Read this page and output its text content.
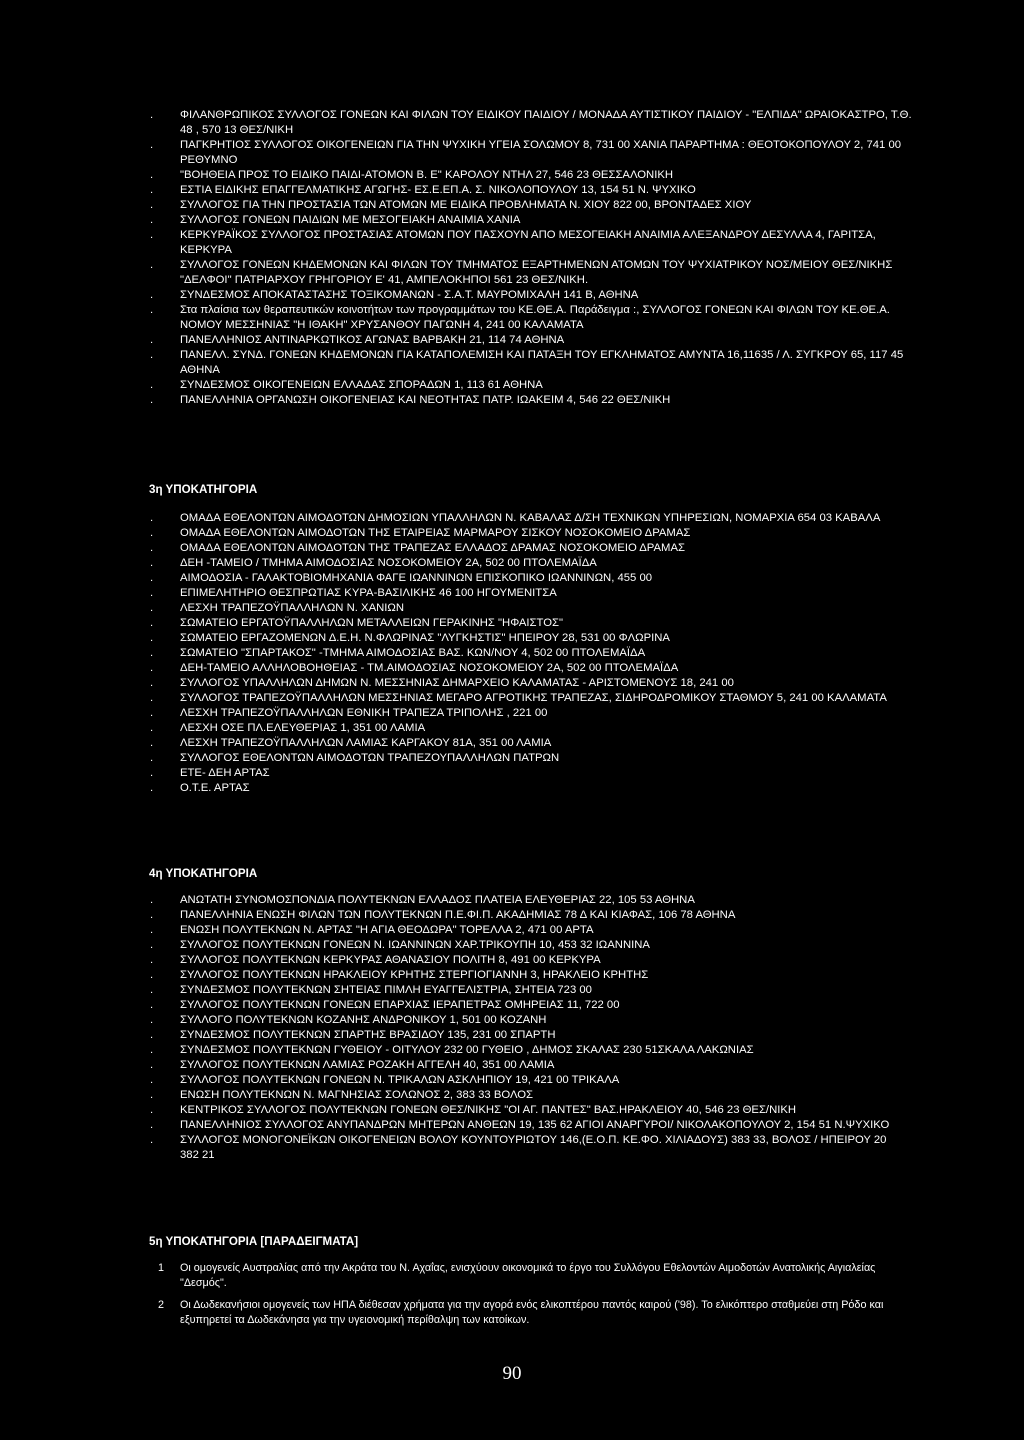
.	ΦΙΛΑΝΘΡΩΠΙΚΟΣ ΣΥΛΛΟΓΟΣ ΓΟΝΕΩΝ ΚΑΙ ΦΙΛΩΝ ΤΟΥ ΕΙΔΙΚΟΥ ΠΑΙΔΙΟΥ / ΜΟΝΑΔΑ ΑΥΤΙΣΤΙΚΟΥ ΠΑΙΔΙΟΥ - "ΕΛΠΙΔΑ" ΩΡΑΙΟΚΑΣΤΡΟ, Τ.Θ. 48 , 570 13 ΘΕΣ/ΝΙΚΗ
.	ΠΑΓΚΡΗΤΙΟΣ ΣΥΛΛΟΓΟΣ ΟΙΚΟΓΕΝΕΙΩΝ ΓΙΑ ΤΗΝ ΨΥΧΙΚΗ ΥΓΕΙΑ ΣΟΛΩΜΟΥ 8, 731 00 ΧΑΝΙΑ ΠΑΡΑΡΤΗΜΑ : ΘΕΟΤΟΚΟΠΟΥΛΟΥ 2, 741 00 ΡΕΘΥΜΝΟ
.	"ΒΟΗΘΕΙΑ ΠΡΟΣ ΤΟ ΕΙΔΙΚΟ ΠΑΙΔΙ-ΑΤΟΜΟΝ Β. Ε" ΚΑΡΟΛΟΥ ΝΤΗΛ 27, 546 23 ΘΕΣΣΑΛΟΝΙΚΗ
.	ΕΣΤΙΑ ΕΙΔΙΚΗΣ ΕΠΑΓΓΕΛΜΑΤΙΚΗΣ ΑΓΩΓΗΣ- ΕΣ.Ε.ΕΠ.Α. Σ. ΝΙΚΟΛΟΠΟΥΛΟΥ 13, 154 51 Ν. ΨΥΧΙΚΟ
.	ΣΥΛΛΟΓΟΣ ΓΙΑ ΤΗΝ ΠΡΟΣΤΑΣΙΑ ΤΩΝ ΑΤΟΜΩΝ ΜΕ ΕΙΔΙΚΑ ΠΡΟΒΛΗΜΑΤΑ Ν. ΧΙΟΥ 822 00, ΒΡΟΝΤΑΔΕΣ ΧΙΟΥ
.	ΣΥΛΛΟΓΟΣ ΓΟΝΕΩΝ ΠΑΙΔΙΩΝ ΜΕ ΜΕΣΟΓΕΙΑΚΗ ΑΝΑΙΜΙΑ ΧΑΝΙΑ
.	ΚΕΡΚΥΡΑΪΚΟΣ ΣΥΛΛΟΓΟΣ ΠΡΟΣΤΑΣΙΑΣ ΑΤΟΜΩΝ ΠΟΥ ΠΑΣΧΟΥΝ ΑΠΟ ΜΕΣΟΓΕΙΑΚΗ ΑΝΑΙΜΙΑ ΑΛΕΞΑΝΔΡΟΥ ΔΕΣΥΛΛΑ 4, ΓΑΡΙΤΣΑ, ΚΕΡΚΥΡΑ
.	ΣΥΛΛΟΓΟΣ ΓΟΝΕΩΝ ΚΗΔΕΜΟΝΩΝ ΚΑΙ ΦΙΛΩΝ ΤΟΥ ΤΜΗΜΑΤΟΣ ΕΞΑΡΤΗΜΕΝΩΝ ΑΤΟΜΩΝ ΤΟΥ ΨΥΧΙΑΤΡΙΚΟΥ ΝΟΣ/ΜΕΙΟΥ ΘΕΣ/ΝΙΚΗΣ "ΔΕΛΦΟΙ" ΠΑΤΡΙΑΡΧΟΥ ΓΡΗΓΟΡΙΟΥ Ε' 41, ΑΜΠΕΛΟΚΗΠΟΙ 561 23 ΘΕΣ/ΝΙΚΗ.
.	ΣΥΝΔΕΣΜΟΣ ΑΠΟΚΑΤΑΣΤΑΣΗΣ ΤΟΞΙΚΟΜΑΝΩΝ - Σ.Α.Τ. ΜΑΥΡΟΜΙΧΑΛΗ 141 Β, ΑΘΗΝΑ
.	Στα πλαίσια των θεραπευτικών κοινοτήτων των προγραμμάτων του ΚΕ.ΘΕ.Α. Παράδειγμα :, ΣΥΛΛΟΓΟΣ ΓΟΝΕΩΝ ΚΑΙ ΦΙΛΩΝ ΤΟΥ ΚΕ.ΘΕ.Α. ΝΟΜΟΥ ΜΕΣΣΗΝΙΑΣ "Η ΙΘΑΚΗ" ΧΡΥΣΑΝΘΟΥ ΠΑΓΩΝΗ 4, 241 00 ΚΑΛΑΜΑΤΑ
.	ΠΑΝΕΛΛΗΝΙΟΣ ΑΝΤΙΝΑΡΚΩΤΙΚΟΣ ΑΓΩΝΑΣ ΒΑΡΒΑΚΗ 21, 114 74 ΑΘΗΝΑ
.	ΠΑΝΕΛΛ. ΣΥΝΔ. ΓΟΝΕΩΝ ΚΗΔΕΜΟΝΩΝ ΓΙΑ ΚΑΤΑΠΟΛΕΜΙΣΗ ΚΑΙ ΠΑΤΑΞΗ ΤΟΥ ΕΓΚΛΗΜΑΤΟΣ ΑΜΥΝΤΑ 16,11635 / Λ. ΣΥΓΚΡΟΥ 65, 117 45 ΑΘΗΝΑ
.	ΣΥΝΔΕΣΜΟΣ ΟΙΚΟΓΕΝΕΙΩΝ ΕΛΛΑΔΑΣ ΣΠΟΡΑΔΩΝ 1, 113 61 ΑΘΗΝΑ
.	ΠΑΝΕΛΛΗΝΙΑ ΟΡΓΑΝΩΣΗ ΟΙΚΟΓΕΝΕΙΑΣ ΚΑΙ ΝΕΟΤΗΤΑΣ ΠΑΤΡ. ΙΩΑΚΕΙΜ 4, 546 22 ΘΕΣ/ΝΙΚΗ
3η ΥΠΟΚΑΤΗΓΟΡΙΑ
.	ΟΜΑΔΑ ΕΘΕΛΟΝΤΩΝ ΑΙΜΟΔΟΤΩΝ ΔΗΜΟΣΙΩΝ ΥΠΑΛΛΗΛΩΝ Ν. ΚΑΒΑΛΑΣ Δ/ΣΗ ΤΕΧΝΙΚΩΝ ΥΠΗΡΕΣΙΩΝ, ΝΟΜΑΡΧΙΑ 654 03 ΚΑΒΑΛΑ
.	ΟΜΑΔΑ ΕΘΕΛΟΝΤΩΝ ΑΙΜΟΔΟΤΩΝ ΤΗΣ ΕΤΑΙΡΕΙΑΣ ΜΑΡΜΑΡΟΥ ΣΙΣΚΟΥ ΝΟΣΟΚΟΜΕΙΟ ΔΡΑΜΑΣ
.	ΟΜΑΔΑ ΕΘΕΛΟΝΤΩΝ ΑΙΜΟΔΟΤΩΝ ΤΗΣ ΤΡΑΠΕΖΑΣ ΕΛΛΑΔΟΣ ΔΡΑΜΑΣ ΝΟΣΟΚΟΜΕΙΟ ΔΡΑΜΑΣ
.	ΔΕΗ -ΤΑΜΕΙΟ / ΤΜΗΜΑ ΑΙΜΟΔΟΣΙΑΣ ΝΟΣΟΚΟΜΕΙΟΥ 2Α, 502 00 ΠΤΟΛΕΜΑΪΔΑ
.	ΑΙΜΟΔΟΣΙΑ - ΓΑΛΑΚΤΟΒΙΟΜΗΧΑΝΙΑ ΦΑΓΕ ΙΩΑΝΝΙΝΩΝ ΕΠΙΣΚΟΠΙΚΟ ΙΩΑΝΝΙΝΩΝ, 455 00
.	ΕΠΙΜΕΛΗΤΗΡΙΟ ΘΕΣΠΡΩΤΙΑΣ ΚΥΡΑ-ΒΑΣΙΛΙΚΗΣ 46 100 ΗΓΟΥΜΕΝΙΤΣΑ
.	ΛΕΣΧΗ ΤΡΑΠΕΖΟΫΠΑΛΛΗΛΩΝ Ν. ΧΑΝΙΩΝ
.	ΣΩΜΑΤΕΙΟ ΕΡΓΑΤΟΫΠΑΛΛΗΛΩΝ ΜΕΤΑΛΛΕΙΩΝ ΓΕΡΑΚΙΝΗΣ "ΗΦΑΙΣΤΟΣ"
.	ΣΩΜΑΤΕΙΟ ΕΡΓΑΖΟΜΕΝΩΝ Δ.Ε.Η. Ν.ΦΛΩΡΙΝΑΣ "ΛΥΓΚΗΣΤΙΣ" ΗΠΕΙΡΟΥ 28, 531 00 ΦΛΩΡΙΝΑ
.	ΣΩΜΑΤΕΙΟ "ΣΠΑΡΤΑΚΟΣ" -ΤΜΗΜΑ ΑΙΜΟΔΟΣΙΑΣ ΒΑΣ. ΚΩΝ/ΝΟΥ 4, 502 00 ΠΤΟΛΕΜΑΪΔΑ
.	ΔΕΗ-ΤΑΜΕΙΟ ΑΛΛΗΛΟΒΟΗΘΕΙΑΣ - ΤΜ.ΑΙΜΟΔΟΣΙΑΣ ΝΟΣΟΚΟΜΕΙΟΥ 2Α, 502 00 ΠΤΟΛΕΜΑΪΔΑ
.	ΣΥΛΛΟΓΟΣ ΥΠΑΛΛΗΛΩΝ ΔΗΜΩΝ Ν. ΜΕΣΣΗΝΙΑΣ ΔΗΜΑΡΧΕΙΟ ΚΑΛΑΜΑΤΑΣ - ΑΡΙΣΤΟΜΕΝΟΥΣ 18, 241 00
.	ΣΥΛΛΟΓΟΣ ΤΡΑΠΕΖΟΫΠΑΛΛΗΛΩΝ ΜΕΣΣΗΝΙΑΣ ΜΕΓΑΡΟ ΑΓΡΟΤΙΚΗΣ ΤΡΑΠΕΖΑΣ, ΣΙΔΗΡΟΔΡΟΜΙΚΟΥ ΣΤΑΘΜΟΥ 5, 241 00 ΚΑΛΑΜΑΤΑ
.	ΛΕΣΧΗ ΤΡΑΠΕΖΟΫΠΑΛΛΗΛΩΝ ΕΘΝΙΚΗ ΤΡΑΠΕΖΑ ΤΡΙΠΟΛΗΣ , 221 00
.	ΛΕΣΧΗ ΟΣΕ ΠΛ.ΕΛΕΥΘΕΡΙΑΣ 1, 351 00 ΛΑΜΙΑ
.	ΛΕΣΧΗ ΤΡΑΠΕΖΟΫΠΑΛΛΗΛΩΝ ΛΑΜΙΑΣ ΚΑΡΓΑΚΟΥ 81Α, 351 00 ΛΑΜΙΑ
.	ΣΥΛΛΟΓΟΣ ΕΘΕΛΟΝΤΩΝ ΑΙΜΟΔΟΤΩΝ ΤΡΑΠΕΖΟΥΠΑΛΛΗΛΩΝ ΠΑΤΡΩΝ
.	ΕΤΕ- ΔΕΗ ΑΡΤΑΣ
.	Ο.Τ.Ε. ΑΡΤΑΣ
4η ΥΠΟΚΑΤΗΓΟΡΙΑ
.	ΑΝΩΤΑΤΗ ΣΥΝΟΜΟΣΠΟΝΔΙΑ ΠΟΛΥΤΕΚΝΩΝ ΕΛΛΑΔΟΣ ΠΛΑΤΕΙΑ ΕΛΕΥΘΕΡΙΑΣ 22, 105 53 ΑΘΗΝΑ
.	ΠΑΝΕΛΛΗΝΙΑ ΕΝΩΣΗ ΦΙΛΩΝ ΤΩΝ ΠΟΛΥΤΕΚΝΩΝ Π.Ε.ΦΙ.Π. ΑΚΑΔΗΜΙΑΣ 78 Δ ΚΑΙ ΚΙΑΦΑΣ, 106 78 ΑΘΗΝΑ
.	ΕΝΩΣΗ ΠΟΛΥΤΕΚΝΩΝ Ν. ΑΡΤΑΣ "Η ΑΓΙΑ ΘΕΟΔΩΡΑ" ΤΟΡΕΛΛΑ 2, 471 00 ΑΡΤΑ
.	ΣΥΛΛΟΓΟΣ ΠΟΛΥΤΕΚΝΩΝ ΓΟΝΕΩΝ Ν. ΙΩΑΝΝΙΝΩΝ ΧΑΡ.ΤΡΙΚΟΥΠΗ 10, 453 32 ΙΩΑΝΝΙΝΑ
.	ΣΥΛΛΟΓΟΣ ΠΟΛΥΤΕΚΝΩΝ ΚΕΡΚΥΡΑΣ ΑΘΑΝΑΣΙΟΥ ΠΟΛΙΤΗ 8, 491 00 ΚΕΡΚΥΡΑ
.	ΣΥΛΛΟΓΟΣ ΠΟΛΥΤΕΚΝΩΝ ΗΡΑΚΛΕΙΟΥ ΚΡΗΤΗΣ ΣΤΕΡΓΙΟΓΙΑΝΝΗ 3, ΗΡΑΚΛΕΙΟ ΚΡΗΤΗΣ
.	ΣΥΝΔΕΣΜΟΣ ΠΟΛΥΤΕΚΝΩΝ ΣΗΤΕΙΑΣ ΠΙΜΛΗ ΕΥΑΓΓΕΛΙΣΤΡΙΑ, ΣΗΤΕΙΑ 723 00
.	ΣΥΛΛΟΓΟΣ ΠΟΛΥΤΕΚΝΩΝ ΓΟΝΕΩΝ ΕΠΑΡΧΙΑΣ ΙΕΡΑΠΕΤΡΑΣ ΟΜΗΡΕΙΑΣ 11, 722 00
.	ΣΥΛΛΟΓΟ ΠΟΛΥΤΕΚΝΩΝ ΚΟΖΑΝΗΣ ΑΝΔΡΟΝΙΚΟΥ 1, 501 00 ΚΟΖΑΝΗ
.	ΣΥΝΔΕΣΜΟΣ ΠΟΛΥΤΕΚΝΩΝ ΣΠΑΡΤΗΣ ΒΡΑΣΙΔΟΥ 135, 231 00 ΣΠΑΡΤΗ
.	ΣΥΝΔΕΣΜΟΣ ΠΟΛΥΤΕΚΝΩΝ ΓΥΘΕΙΟΥ - ΟΙΤΥΛΟΥ 232 00 ΓΥΘΕΙΟ , ΔΗΜΟΣ ΣΚΑΛΑΣ 230 51ΣΚΑΛΑ ΛΑΚΩΝΙΑΣ
.	ΣΥΛΛΟΓΟΣ ΠΟΛΥΤΕΚΝΩΝ ΛΑΜΙΑΣ ΡΟΖΑΚΗ ΑΓΓΕΛΗ 40, 351 00 ΛΑΜΙΑ
.	ΣΥΛΛΟΓΟΣ ΠΟΛΥΤΕΚΝΩΝ ΓΟΝΕΩΝ Ν. ΤΡΙΚΑΛΩΝ ΑΣΚΛΗΠΙΟΥ 19, 421 00 ΤΡΙΚΑΛΑ
.	ΕΝΩΣΗ ΠΟΛΥΤΕΚΝΩΝ Ν. ΜΑΓΝΗΣΙΑΣ ΣΟΛΩΝΟΣ 2, 383 33 ΒΟΛΟΣ
.	ΚΕΝΤΡΙΚΟΣ ΣΥΛΛΟΓΟΣ ΠΟΛΥΤΕΚΝΩΝ ΓΟΝΕΩΝ ΘΕΣ/ΝΙΚΗΣ "ΟΙ ΑΓ. ΠΑΝΤΕΣ" ΒΑΣ.ΗΡΑΚΛΕΙΟΥ 40, 546 23 ΘΕΣ/ΝΙΚΗ
.	ΠΑΝΕΛΛΗΝΙΟΣ ΣΥΛΛΟΓΟΣ ΑΝΥΠΑΝΔΡΩΝ ΜΗΤΕΡΩΝ ΑΝΘΕΩΝ 19, 135 62 ΑΓΙΟΙ ΑΝΑΡΓΥΡΟΙ/ ΝΙΚΟΛΑΚΟΠΟΥΛΟΥ 2, 154 51 Ν.ΨΥΧΙΚΟ
.	ΣΥΛΛΟΓΟΣ ΜΟΝΟΓΟΝΕΪΚΩΝ ΟΙΚΟΓΕΝΕΙΩΝ ΒΟΛΟΥ ΚΟΥΝΤΟΥΡΙΩΤΟΥ 146,(Ε.Ο.Π. ΚΕ.ΦΟ. ΧΙΛΙΑΔΟΥΣ) 383 33, ΒΟΛΟΣ / ΗΠΕΙΡΟΥ 20 382 21
5η ΥΠΟΚΑΤΗΓΟΡΙΑ [ΠΑΡΑΔΕΙΓΜΑΤΑ]
1 Οι ομογενείς Αυστραλίας από την Ακράτα του Ν. Αχαΐας, ενισχύουν οικονομικά το έργο του Συλλόγου Εθελοντών Αιμοδοτών Ανατολικής Αιγιαλείας "Δεσμός".
2 Οι Δωδεκανήσιοι ομογενείς των ΗΠΑ διέθεσαν χρήματα για την αγορά ενός ελικοπτέρου παντός καιρού ('98). Το ελικόπτερο σταθμεύει στη Ρόδο και εξυπηρετεί τα Δωδεκάνησα για την υγειονομική περίθαλψη των κατοίκων.
90
